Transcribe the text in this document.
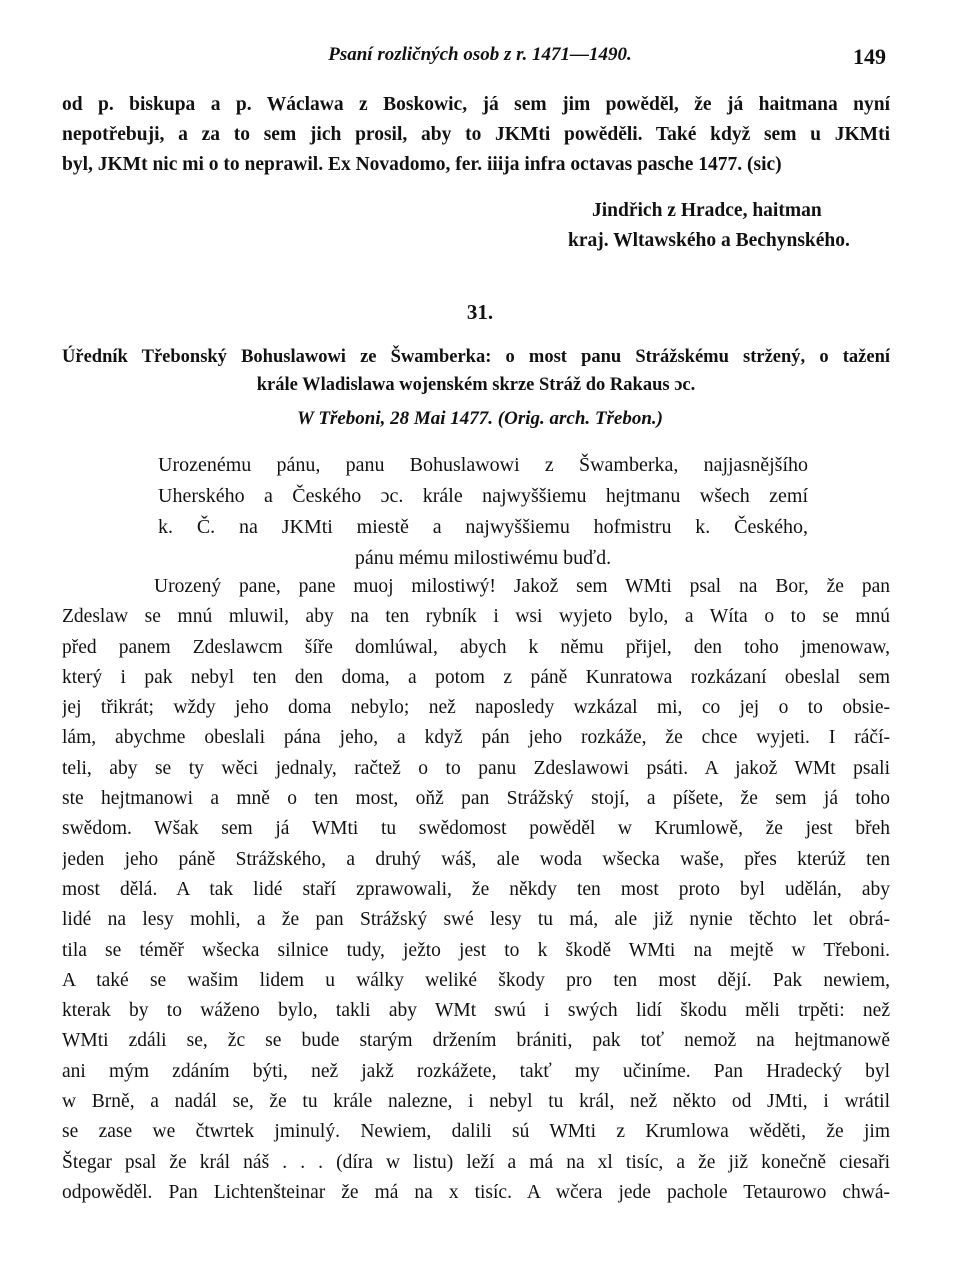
Psaní rozličných osob z r. 1471—1490.	149
od p. biskupa a p. Wáclawa z Boskowic, já sem jim powěděl, že já haitmana nyní
nepotřebuji, a za to sem jich prosil, aby to JKMti powěděli. Také když sem u JKMti
byl, JKMt nic mi o to neprawil. Ex Novadomo, fer. iiija infra octavas pasche 1477. (sic)
Jindřich z Hradce, haitman
kraj. Wltawského a Bechynského.
31.
Úředník Třebonský Bohuslawowi ze Šwamberka: o most panu Strážskému stržený, o tažení
krále Wladislawa wojenském skrze Stráž do Rakaus ɔc.
W Třeboni, 28 Mai 1477. (Orig. arch. Třebon.)
Urozenému pánu, panu Bohuslawowi z Šwamberka, najjasnějšího
Uherského a Českého ɔc. krále najwyššiemu hejtmanu wšech zemí
k. Č. na JKMti miestě a najwyššiemu hofmistru k. Českého,
pánu mému milostiwému buďd.
Urozený pane, pane muoj milostiwý! Jakož sem WMti psal na Bor, že pan
Zdeslaw se mnú mluwil, aby na ten rybník i wsi wyjeto bylo, a Wíta o to se mnú
před panem Zdeslawcm šíře domlúwal, abych k němu přijel, den toho jmenowaw,
který i pak nebyl ten den doma, a potom z páně Kunratowa rozkázaní obeslal sem
jej třikrát; wždy jeho doma nebylo; než naposledy wzkázal mi, co jej o to obsie-
lám, abychme obeslali pána jeho, a když pán jeho rozkáže, že chce wyjeti. I ráčí-
teli, aby se ty wěci jednaly, račtež o to panu Zdeslawowi psáti. A jakož WMt psali
ste hejtmanowi a mně o ten most, oňž pan Strážský stojí, a píšete, že sem já toho
swědom. Wšak sem já WMti tu swědomost powěděl w Krumlowě, že jest břeh
jeden jeho páně Strážského, a druhý wáš, ale woda wšecka waše, přes kterúž ten
most dělá. A tak lidé staří zprawowali, že někdy ten most proto byl udělán, aby
lidé na lesy mohli, a že pan Strážský swé lesy tu má, ale již nynie těchto let obrá-
tila se téměř wšecka silnice tudy, ježto jest to k škodě WMti na mejtě w Třeboni.
A také se wašim lidem u wálky weliké škody pro ten most dějí. Pak newiem,
kterak by to wáženo bylo, takli aby WMt swú i swých lidí škodu měli trpěti: než
WMti zdáli se, žc se bude starým držením brániti, pak toť nemož na hejtmanowě
ani mým zdáním býti, než jakž rozkážete, takť my učiníme. Pan Hradecký byl
w Brně, a nadál se, že tu krále nalezne, i nebyl tu král, než někto od JMti, i wrátil
se zase we čtwrtek jminulý. Newiem, dalili sú WMti z Krumlowa wěděti, že jim
Štegar psal že král náš . . . (díra w listu) leží a má na xl tisíc, a že již konečně ciesaři
odpowěděl. Pan Lichtenšteinar že má na x tisíc. A wčera jede pachole Tetaurowo chwá-
